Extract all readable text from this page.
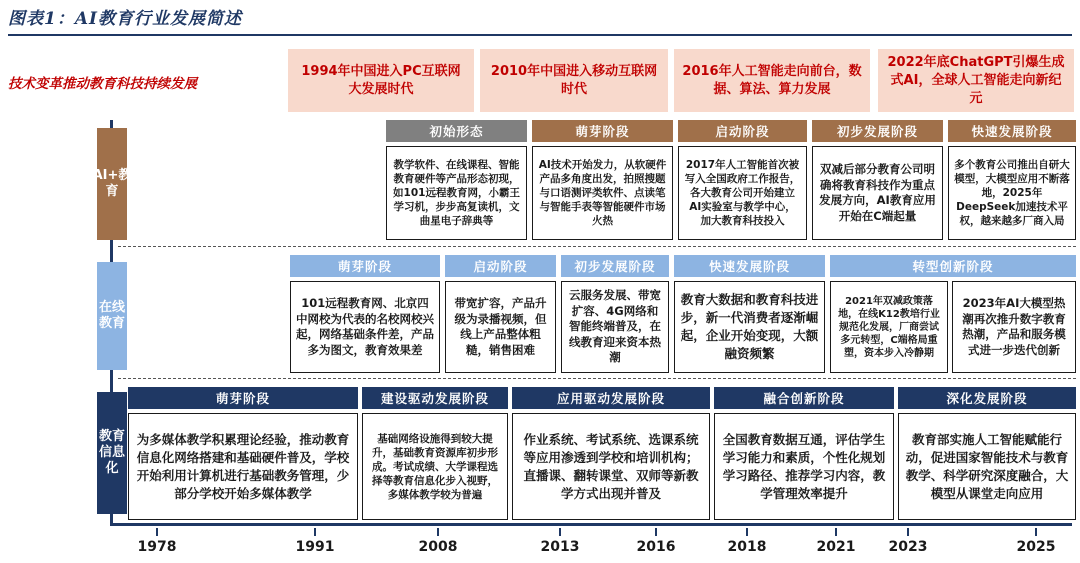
图表1：AI教育行业发展简述
技术变革推动教育科技持续发展
1994年中国进入PC互联网大发展时代
2010年中国进入移动互联网时代
2016年人工智能走向前台，数据、算法、算力发展
2022年底ChatGPT引爆生成式AI，全球人工智能走向新纪元
AI+教育
在线教育
教育信息化
初始形态
教学软件、在线课程、智能教育硬件等产品形态初现，如101远程教育网，小霸王学习机，步步高复读机，文曲星电子辞典等
萌芽阶段
AI技术开始发力，从软硬件产品多角度出发，拍照搜题与口语测评类软件、点读笔与智能手表等智能硬件市场火热
启动阶段
2017年人工智能首次被写入全国政府工作报告，各大教育公司开始建立AI实验室与教学中心，加大教育科技投入
初步发展阶段
双减后部分教育公司明确将教育科技作为重点发展方向，AI教育应用开始在C端起量
快速发展阶段
多个教育公司推出自研大模型，大模型应用不断落地，2025年DeepSeek加速技术平权，越来越多厂商入局
萌芽阶段
101远程教育网、北京四中网校为代表的名校网校兴起，网络基础条件差，产品多为图文，教育效果差
启动阶段
带宽扩容，产品升级为录播视频，但线上产品整体粗糙，销售困难
初步发展阶段
云服务发展、带宽扩容、4G网络和智能终端普及，在线教育迎来资本热潮
快速发展阶段
教育大数据和教育科技进步，新一代消费者逐渐崛起，企业开始变现，大额融资频繁
转型创新阶段
2021年双减政策落地，在线K12教培行业规范化发展，厂商尝试多元转型，C端格局重塑，资本步入冷静期
2023年AI大模型热潮再次推升数字教育热潮，产品和服务模式进一步迭代创新
萌芽阶段
为多媒体教学积累理论经验，推动教育信息化网络搭建和基础硬件普及，学校开始利用计算机进行基础教务管理，少部分学校开始多媒体教学
建设驱动发展阶段
基础网络设施得到较大提升，基础教育资源库初步形成。考试成绩、大学课程选择等教育信息化步入视野，多媒体教学较为普遍
应用驱动发展阶段
作业系统、考试系统、选课系统等应用渗透到学校和培训机构；直播课、翻转课堂、双师等新教学方式出现并普及
融合创新阶段
全国教育数据互通，评估学生学习能力和素质，个性化规划学习路径、推荐学习内容，教学管理效率提升
深化发展阶段
教育部实施人工智能赋能行动，促进国家智能技术与教育教学、科学研究深度融合，大模型从课堂走向应用
1978	1991	2008	2013	2016	2018	2021	2023	2025
